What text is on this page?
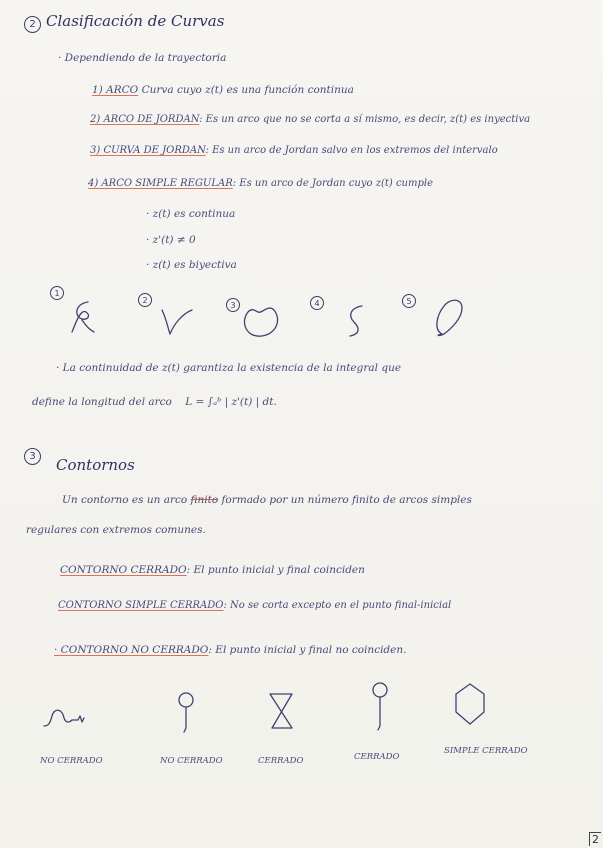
2 Clasificación de Curvas
· Dependiendo de la trayectoria
1) ARCO Curva cuyo z(t) es una función continua
2) ARCO DE JORDAN: Es un arco que no se corta a sí mismo, es decir, z(t) es inyectiva
3) CURVA DE JORDAN: Es un arco de Jordan salvo en los extremos del intervalo
4) ARCO SIMPLE REGULAR: Es un arco de Jordan cuyo z(t) cumple
· z(t) es continua
· z'(t) ≠ 0
· z(t) es biyectiva
1
2
3	4	5
· La continuidad de z(t) garantiza la existencia de la integral que
define la longitud del arco L = ∫ₐᵇ | z'(t) | dt.
3 Contornos
Un contorno es un arco finito formado por un número finito de arcos simples
regulares con extremos comunes.
CONTORNO CERRADO: El punto inicial y final coinciden
CONTORNO SIMPLE CERRADO: No se corta excepto en el punto final-inicial
· CONTORNO NO CERRADO: El punto inicial y final no coinciden.
NO CERRADO	NO CERRADO	CERRADO	CERRADO
SIMPLE CERRADO
2
